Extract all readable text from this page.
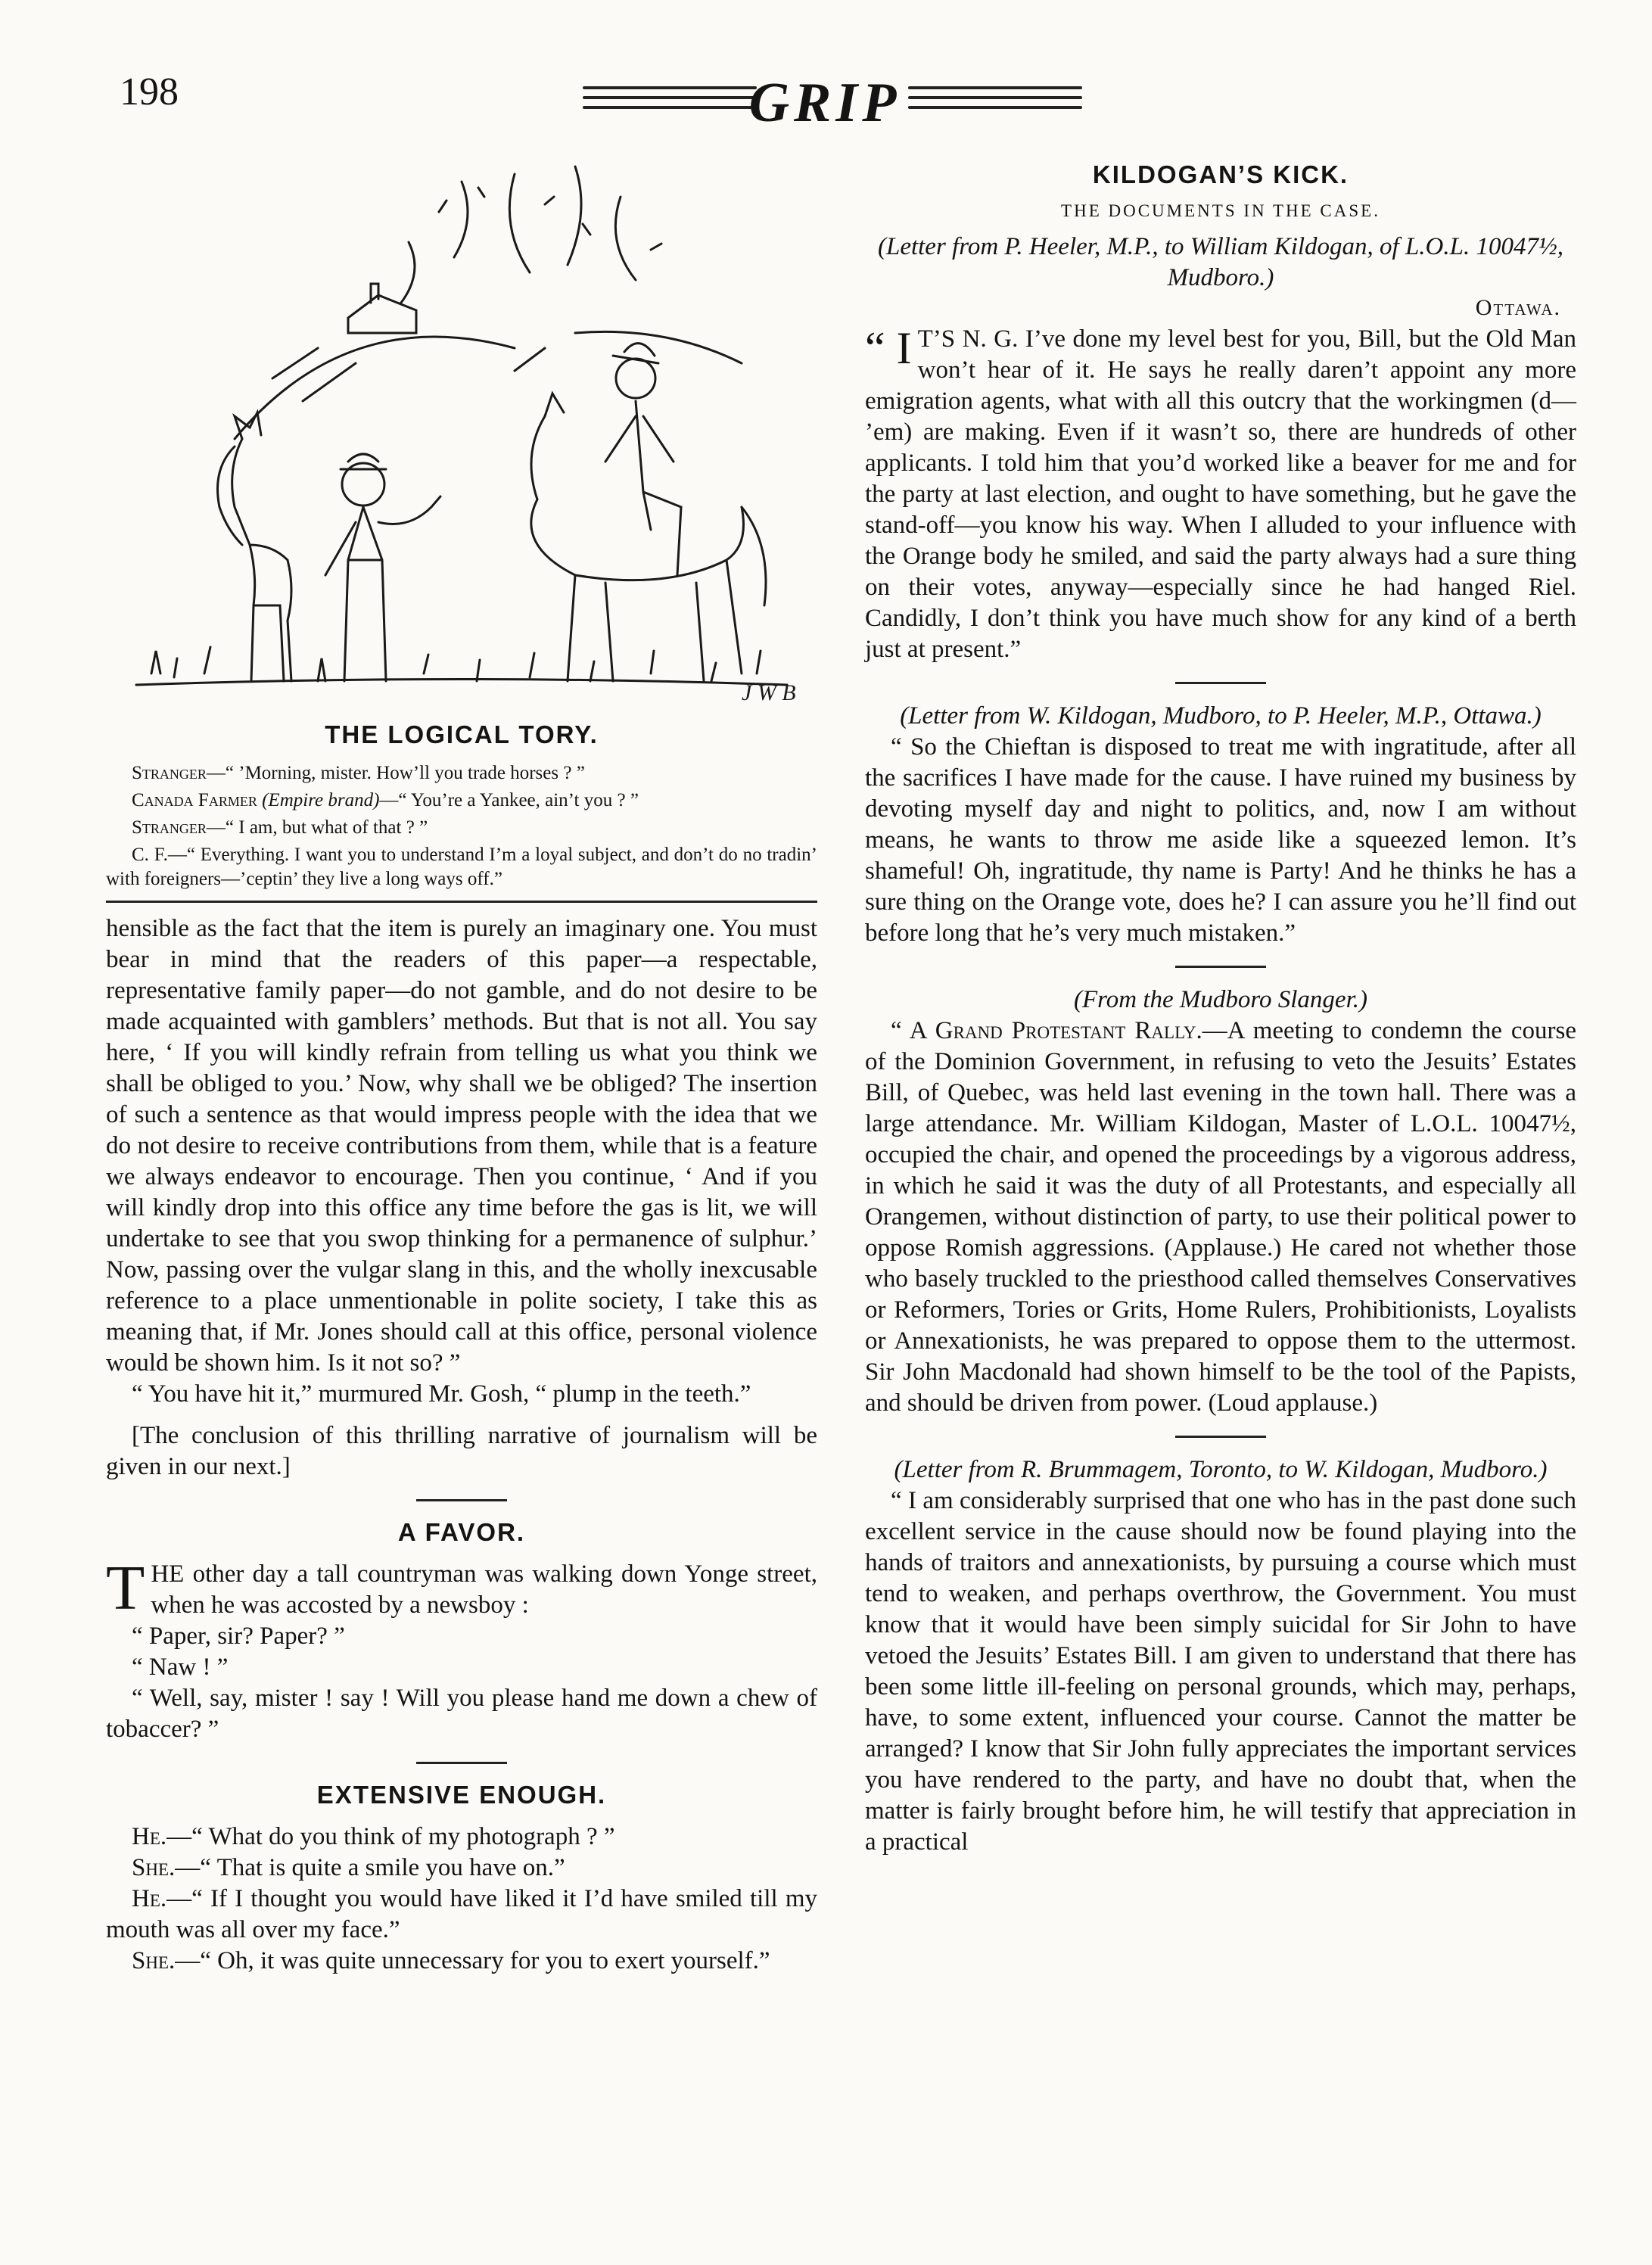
198	GRIP
J W B
THE LOGICAL TORY.

Stranger—“ ’Morning, mister. How’ll you trade horses ? ”

Canada Farmer (Empire brand)—“ You’re a Yankee, ain’t you ? ”

Stranger—“ I am, but what of that ? ”

C. F.—“ Everything. I want you to understand I’m a loyal subject, and don’t do no tradin’ with foreigners—’ceptin’ they live a long ways off.”

hensible as the fact that the item is purely an imaginary one. You must bear in mind that the readers of this paper—a respectable, representative family paper—do not gamble, and do not desire to be made acquainted with gamblers’ methods. But that is not all. You say here, ‘ If you will kindly refrain from telling us what you think we shall be obliged to you.’ Now, why shall we be obliged? The insertion of such a sentence as that would impress people with the idea that we do not desire to receive contributions from them, while that is a feature we always endeavor to encourage. Then you continue, ‘ And if you will kindly drop into this office any time before the gas is lit, we will undertake to see that you swop thinking for a permanence of sulphur.’ Now, passing over the vulgar slang in this, and the wholly inexcusable reference to a place unmentionable in polite society, I take this as meaning that, if Mr. Jones should call at this office, personal violence would be shown him. Is it not so? ”

“ You have hit it,” murmured Mr. Gosh, “ plump in the teeth.”

[The conclusion of this thrilling narrative of journalism will be given in our next.]

A FAVOR.

THE other day a tall countryman was walking down Yonge street, when he was accosted by a newsboy :

“ Paper, sir? Paper? ”

“ Naw ! ”

“ Well, say, mister ! say ! Will you please hand me down a chew of tobaccer? ”

EXTENSIVE ENOUGH.

He.—“ What do you think of my photograph ? ”

She.—“ That is quite a smile you have on.”

He.—“ If I thought you would have liked it I’d have smiled till my mouth was all over my face.”

She.—“ Oh, it was quite unnecessary for you to exert yourself.”

KILDOGAN’S KICK.
THE DOCUMENTS IN THE CASE.

(Letter from P. Heeler, M.P., to William Kildogan, of L.O.L. 10047½, Mudboro.)

Ottawa.

“ I T’S N. G. I’ve done my level best for you, Bill, but the Old Man won’t hear of it. He says he really daren’t appoint any more emigration agents, what with all this outcry that the workingmen (d— ’em) are making. Even if it wasn’t so, there are hundreds of other applicants. I told him that you’d worked like a beaver for me and for the party at last election, and ought to have something, but he gave the stand-off—you know his way. When I alluded to your influence with the Orange body he smiled, and said the party always had a sure thing on their votes, anyway—especially since he had hanged Riel. Candidly, I don’t think you have much show for any kind of a berth just at present.”

(Letter from W. Kildogan, Mudboro, to P. Heeler, M.P., Ottawa.)

“ So the Chieftan is disposed to treat me with ingratitude, after all the sacrifices I have made for the cause. I have ruined my business by devoting myself day and night to politics, and, now I am without means, he wants to throw me aside like a squeezed lemon. It’s shameful! Oh, ingratitude, thy name is Party! And he thinks he has a sure thing on the Orange vote, does he? I can assure you he’ll find out before long that he’s very much mistaken.”

(From the Mudboro Slanger.)

“ A Grand Protestant Rally.—A meeting to condemn the course of the Dominion Government, in refusing to veto the Jesuits’ Estates Bill, of Quebec, was held last evening in the town hall. There was a large attendance. Mr. William Kildogan, Master of L.O.L. 10047½, occupied the chair, and opened the proceedings by a vigorous address, in which he said it was the duty of all Protestants, and especially all Orangemen, without distinction of party, to use their political power to oppose Romish aggressions. (Applause.) He cared not whether those who basely truckled to the priesthood called themselves Conservatives or Reformers, Tories or Grits, Home Rulers, Prohibitionists, Loyalists or Annexationists, he was prepared to oppose them to the uttermost. Sir John Macdonald had shown himself to be the tool of the Papists, and should be driven from power. (Loud applause.)

(Letter from R. Brummagem, Toronto, to W. Kildogan, Mudboro.)

“ I am considerably surprised that one who has in the past done such excellent service in the cause should now be found playing into the hands of traitors and annexationists, by pursuing a course which must tend to weaken, and perhaps overthrow, the Government. You must know that it would have been simply suicidal for Sir John to have vetoed the Jesuits’ Estates Bill. I am given to understand that there has been some little ill-feeling on personal grounds, which may, perhaps, have, to some extent, influenced your course. Cannot the matter be arranged? I know that Sir John fully appreciates the important services you have rendered to the party, and have no doubt that, when the matter is fairly brought before him, he will testify that appreciation in a practical
